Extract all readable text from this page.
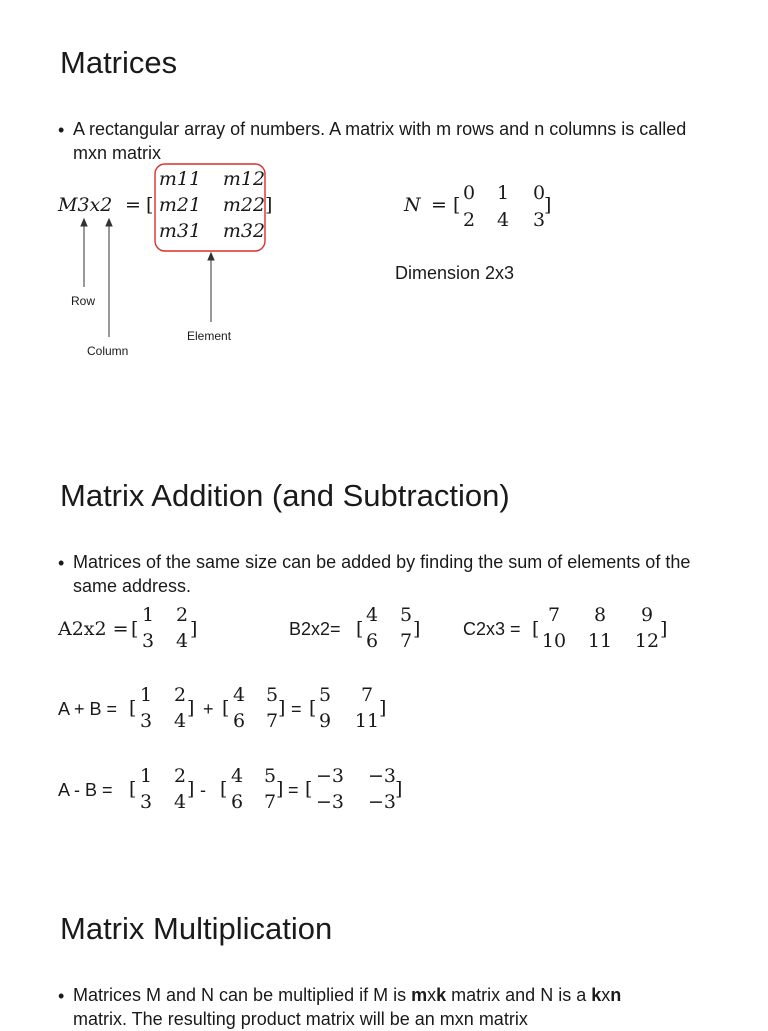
Matrices
• A rectangular array of numbers. A matrix with m rows and n columns is called mxn matrix
M3x2 = [	]
m11 m12
m21 m22
m31 m32
N = [	]
0 1 0
2 4 3
Dimension 2x3
Row
Column
Element
Matrix Addition (and Subtraction)
• Matrices of the same size can be added by finding the sum of elements of the same address.
A2x2 = [	]
1 2
3 4
B2x2= [	]
4 5
6 7
C2x3 = [	]
7 8 9
10 11 12
A + B = [	]
1 2
3 4
+ [	]
4 5
6 7
= [	]
5 7
9 11
A - B = [	]
1 2
3 4
- [	]
4 5
6 7
= [	]
−3 −3
−3 −3
Matrix Multiplication
• Matrices M and N can be multiplied if M is mxk matrix and N is a kxn
matrix. The resulting product matrix will be an mxn matrix
